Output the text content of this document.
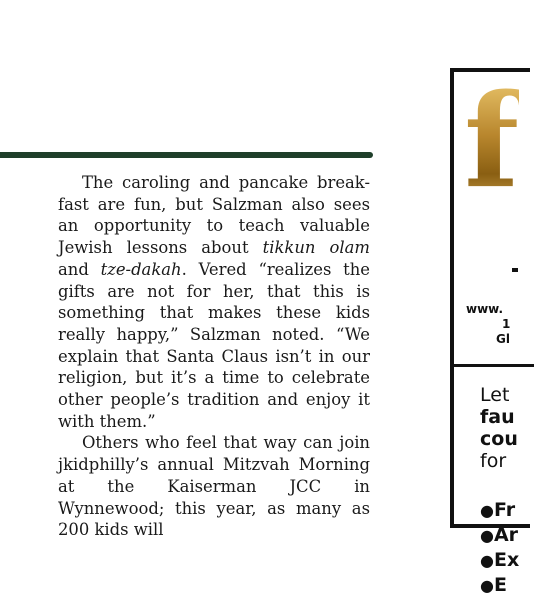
The caroling and pancake break-fast are fun, but Salzman also sees an opportunity to teach valuable Jewish lessons about tikkun olam and tze-dakah. Vered “realizes the gifts are not for her, that this is something that makes these kids really happy,” Salzman noted. “We explain that Santa Claus isn’t in our religion, but it’s a time to celebrate other people’s tradition and enjoy it with them.”

Others who feel that way can join jkidphilly’s annual Mitzvah Morning at the Kaiserman JCC in Wynnewood; this year, as many as 200 kids will

f
www.
1
Gl
Let
fau
cou
for
●Fr
●Ar
●Ex
●E
